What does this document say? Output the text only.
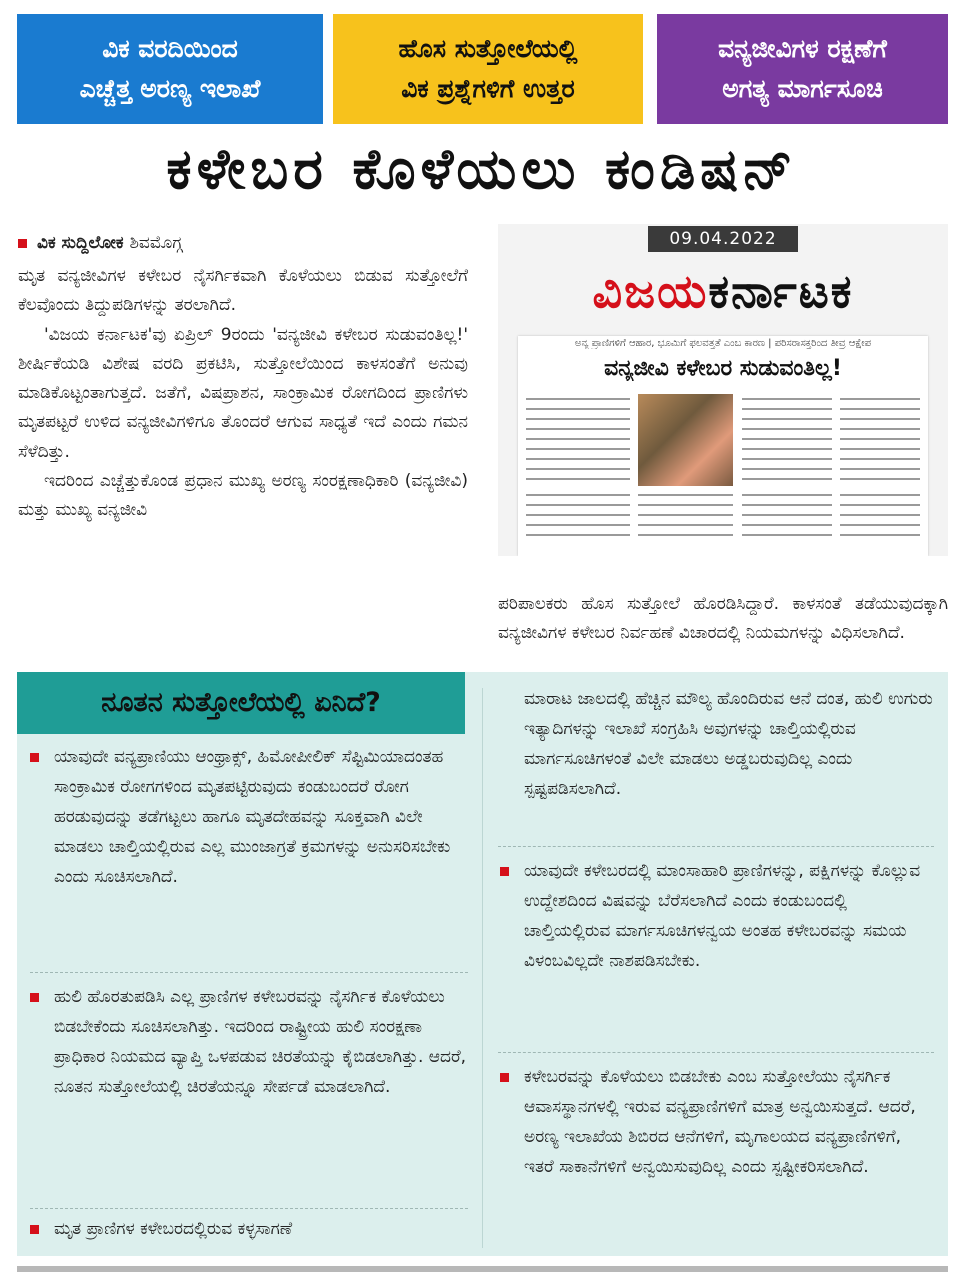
ವಿಕ ವರದಿಯಿಂದ
ಎಚ್ಚೆತ್ತ ಅರಣ್ಯ ಇಲಾಖೆ
ಹೊಸ ಸುತ್ತೋಲೆಯಲ್ಲಿ
ವಿಕ ಪ್ರಶ್ನೆಗಳಿಗೆ ಉತ್ತರ
ವನ್ಯಜೀವಿಗಳ ರಕ್ಷಣೆಗೆ
ಅಗತ್ಯ ಮಾರ್ಗಸೂಚಿ
ಕಳೇಬರ ಕೊಳೆಯಲು ಕಂಡಿಷನ್
ವಿಕ ಸುದ್ದಿಲೋಕ ಶಿವಮೊಗ್ಗ

ಮೃತ ವನ್ಯಜೀವಿಗಳ ಕಳೇಬರ ನೈಸರ್ಗಿಕವಾಗಿ ಕೊಳೆಯಲು ಬಿಡುವ ಸುತ್ತೋಲೆಗೆ ಕೆಲವೊಂದು ತಿದ್ದುಪಡಿಗಳನ್ನು ತರಲಾಗಿದೆ.

'ವಿಜಯ ಕರ್ನಾಟಕ'ವು ಏಪ್ರಿಲ್ 9ರಂದು 'ವನ್ಯಜೀವಿ ಕಳೇಬರ ಸುಡುವಂತಿಲ್ಲ!' ಶೀರ್ಷಿಕೆಯಡಿ ವಿಶೇಷ ವರದಿ ಪ್ರಕಟಿಸಿ, ಸುತ್ತೋಲೆಯಿಂದ ಕಾಳಸಂತೆಗೆ ಅನುವು ಮಾಡಿಕೊಟ್ಟಂತಾಗುತ್ತದೆ. ಜತೆಗೆ, ವಿಷಪ್ರಾಶನ, ಸಾಂಕ್ರಾಮಿಕ ರೋಗದಿಂದ ಪ್ರಾಣಿಗಳು ಮೃತಪಟ್ಟರೆ ಉಳಿದ ವನ್ಯಜೀವಿಗಳಿಗೂ ತೊಂದರೆ ಆಗುವ ಸಾಧ್ಯತೆ ಇದೆ ಎಂದು ಗಮನ ಸೆಳೆದಿತ್ತು.

ಇದರಿಂದ ಎಚ್ಚೆತ್ತುಕೊಂಡ ಪ್ರಧಾನ ಮುಖ್ಯ ಅರಣ್ಯ ಸಂರಕ್ಷಣಾಧಿಕಾರಿ (ವನ್ಯಜೀವಿ) ಮತ್ತು ಮುಖ್ಯ ವನ್ಯಜೀವಿ

09.04.2022
ವಿಜಯಕರ್ನಾಟಕ
ಅನ್ಯ ಪ್ರಾಣಿಗಳಿಗೆ ಆಹಾರ, ಭೂಮಿಗೆ ಫಲವತ್ತತೆ ಎಂಬ ಕಾರಣ | ಪರಿಸರಾಸಕ್ತರಿಂದ ತೀವ್ರ ಆಕ್ಷೇಪ
ವನ್ಯಜೀವಿ ಕಳೇಬರ ಸುಡುವಂತಿಲ್ಲ!

ಪರಿಪಾಲಕರು ಹೊಸ ಸುತ್ತೋಲೆ ಹೊರಡಿಸಿದ್ದಾರೆ. ಕಾಳಸಂತೆ ತಡೆಯುವುದಕ್ಕಾಗಿ ವನ್ಯಜೀವಿಗಳ ಕಳೇಬರ ನಿರ್ವಹಣೆ ವಿಚಾರದಲ್ಲಿ ನಿಯಮಗಳನ್ನು ವಿಧಿಸಲಾಗಿದೆ.

ನೂತನ ಸುತ್ತೋಲೆಯಲ್ಲಿ ಏನಿದೆ?
ಯಾವುದೇ ವನ್ಯಪ್ರಾಣಿಯು ಆಂಥ್ರಾಕ್ಸ್, ಹಿಮೋಪೀಲಿಕ್ ಸೆಪ್ಟಿಮಿಯಾದಂತಹ ಸಾಂಕ್ರಾಮಿಕ ರೋಗಗಳಿಂದ ಮೃತಪಟ್ಟಿರುವುದು ಕಂಡುಬಂದರೆ ರೋಗ ಹರಡುವುದನ್ನು ತಡೆಗಟ್ಟಲು ಹಾಗೂ ಮೃತದೇಹವನ್ನು ಸೂಕ್ತವಾಗಿ ವಿಲೇ ಮಾಡಲು ಚಾಲ್ತಿಯಲ್ಲಿರುವ ಎಲ್ಲ ಮುಂಜಾಗ್ರತೆ ಕ್ರಮಗಳನ್ನು ಅನುಸರಿಸಬೇಕು ಎಂದು ಸೂಚಿಸಲಾಗಿದೆ.
ಹುಲಿ ಹೊರತುಪಡಿಸಿ ಎಲ್ಲ ಪ್ರಾಣಿಗಳ ಕಳೇಬರವನ್ನು ನೈಸರ್ಗಿಕ ಕೊಳೆಯಲು ಬಿಡಬೇಕೆಂದು ಸೂಚಿಸಲಾಗಿತ್ತು. ಇದರಿಂದ ರಾಷ್ಟ್ರೀಯ ಹುಲಿ ಸಂರಕ್ಷಣಾ ಪ್ರಾಧಿಕಾರ ನಿಯಮದ ವ್ಯಾಪ್ತಿ ಒಳಪಡುವ ಚಿರತೆಯನ್ನು ಕೈಬಿಡಲಾಗಿತ್ತು. ಆದರೆ, ನೂತನ ಸುತ್ತೋಲೆಯಲ್ಲಿ ಚಿರತೆಯನ್ನೂ ಸೇರ್ಪಡೆ ಮಾಡಲಾಗಿದೆ.
ಮೃತ ಪ್ರಾಣಿಗಳ ಕಳೇಬರದಲ್ಲಿರುವ ಕಳ್ಳಸಾಗಣೆ
ಮಾರಾಟ ಜಾಲದಲ್ಲಿ ಹೆಚ್ಚಿನ ಮೌಲ್ಯ ಹೊಂದಿರುವ ಆನೆ ದಂತ, ಹುಲಿ ಉಗುರು ಇತ್ಯಾದಿಗಳನ್ನು ಇಲಾಖೆ ಸಂಗ್ರಹಿಸಿ ಅವುಗಳನ್ನು ಚಾಲ್ತಿಯಲ್ಲಿರುವ ಮಾರ್ಗಸೂಚಿಗಳಂತೆ ವಿಲೇ ಮಾಡಲು ಅಡ್ಡಬರುವುದಿಲ್ಲ ಎಂದು ಸ್ಪಷ್ಟಪಡಿಸಲಾಗಿದೆ.
ಯಾವುದೇ ಕಳೇಬರದಲ್ಲಿ ಮಾಂಸಾಹಾರಿ ಪ್ರಾಣಿಗಳನ್ನು, ಪಕ್ಷಿಗಳನ್ನು ಕೊಲ್ಲುವ ಉದ್ದೇಶದಿಂದ ವಿಷವನ್ನು ಬೆರೆಸಲಾಗಿದೆ ಎಂದು ಕಂಡುಬಂದಲ್ಲಿ ಚಾಲ್ತಿಯಲ್ಲಿರುವ ಮಾರ್ಗಸೂಚಿಗಳನ್ವಯ ಅಂತಹ ಕಳೇಬರವನ್ನು ಸಮಯ ವಿಳಂಬವಿಲ್ಲದೇ ನಾಶಪಡಿಸಬೇಕು.
ಕಳೇಬರವನ್ನು ಕೊಳೆಯಲು ಬಿಡಬೇಕು ಎಂಬ ಸುತ್ತೋಲೆಯು ನೈಸರ್ಗಿಕ ಆವಾಸಸ್ಥಾನಗಳಲ್ಲಿ ಇರುವ ವನ್ಯಪ್ರಾಣಿಗಳಿಗೆ ಮಾತ್ರ ಅನ್ವಯಿಸುತ್ತದೆ. ಆದರೆ, ಅರಣ್ಯ ಇಲಾಖೆಯ ಶಿಬಿರದ ಆನೆಗಳಿಗೆ, ಮೃಗಾಲಯದ ವನ್ಯಪ್ರಾಣಿಗಳಿಗೆ, ಇತರೆ ಸಾಕಾನೆಗಳಿಗೆ ಅನ್ವಯಿಸುವುದಿಲ್ಲ ಎಂದು ಸ್ಪಷ್ಟೀಕರಿಸಲಾಗಿದೆ.
